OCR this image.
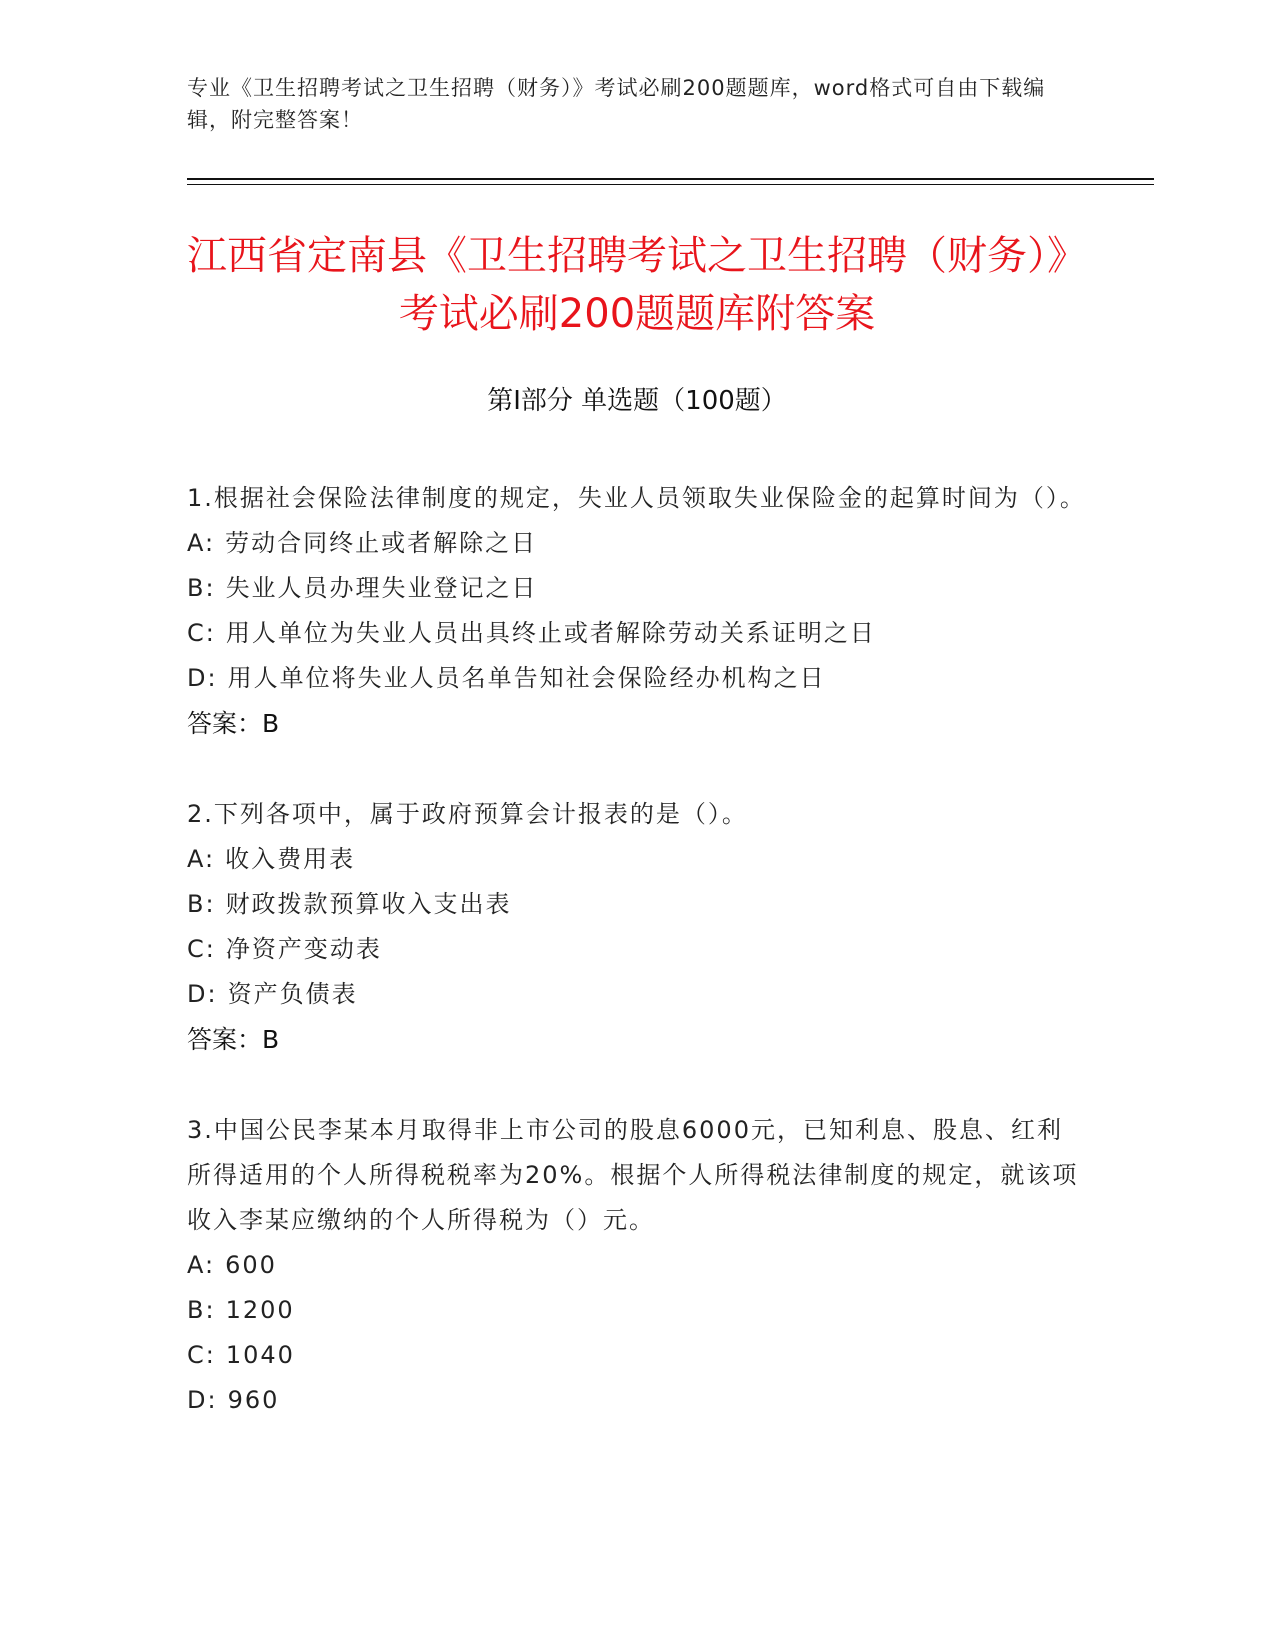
专业《卫生招聘考试之卫生招聘（财务）》考试必刷200题题库，word格式可自由下载编辑，附完整答案！
江西省定南县《卫生招聘考试之卫生招聘（财务）》考试必刷200题题库附答案
第I部分 单选题（100题）
1.根据社会保险法律制度的规定，失业人员领取失业保险金的起算时间为（）。
A: 劳动合同终止或者解除之日
B: 失业人员办理失业登记之日
C: 用人单位为失业人员出具终止或者解除劳动关系证明之日
D: 用人单位将失业人员名单告知社会保险经办机构之日
答案：B
2.下列各项中，属于政府预算会计报表的是（）。
A: 收入费用表
B: 财政拨款预算收入支出表
C: 净资产变动表
D: 资产负债表
答案：B
3.中国公民李某本月取得非上市公司的股息6000元，已知利息、股息、红利所得适用的个人所得税税率为20%。根据个人所得税法律制度的规定，就该项收入李某应缴纳的个人所得税为（）元。
A: 600
B: 1200
C: 1040
D: 960
